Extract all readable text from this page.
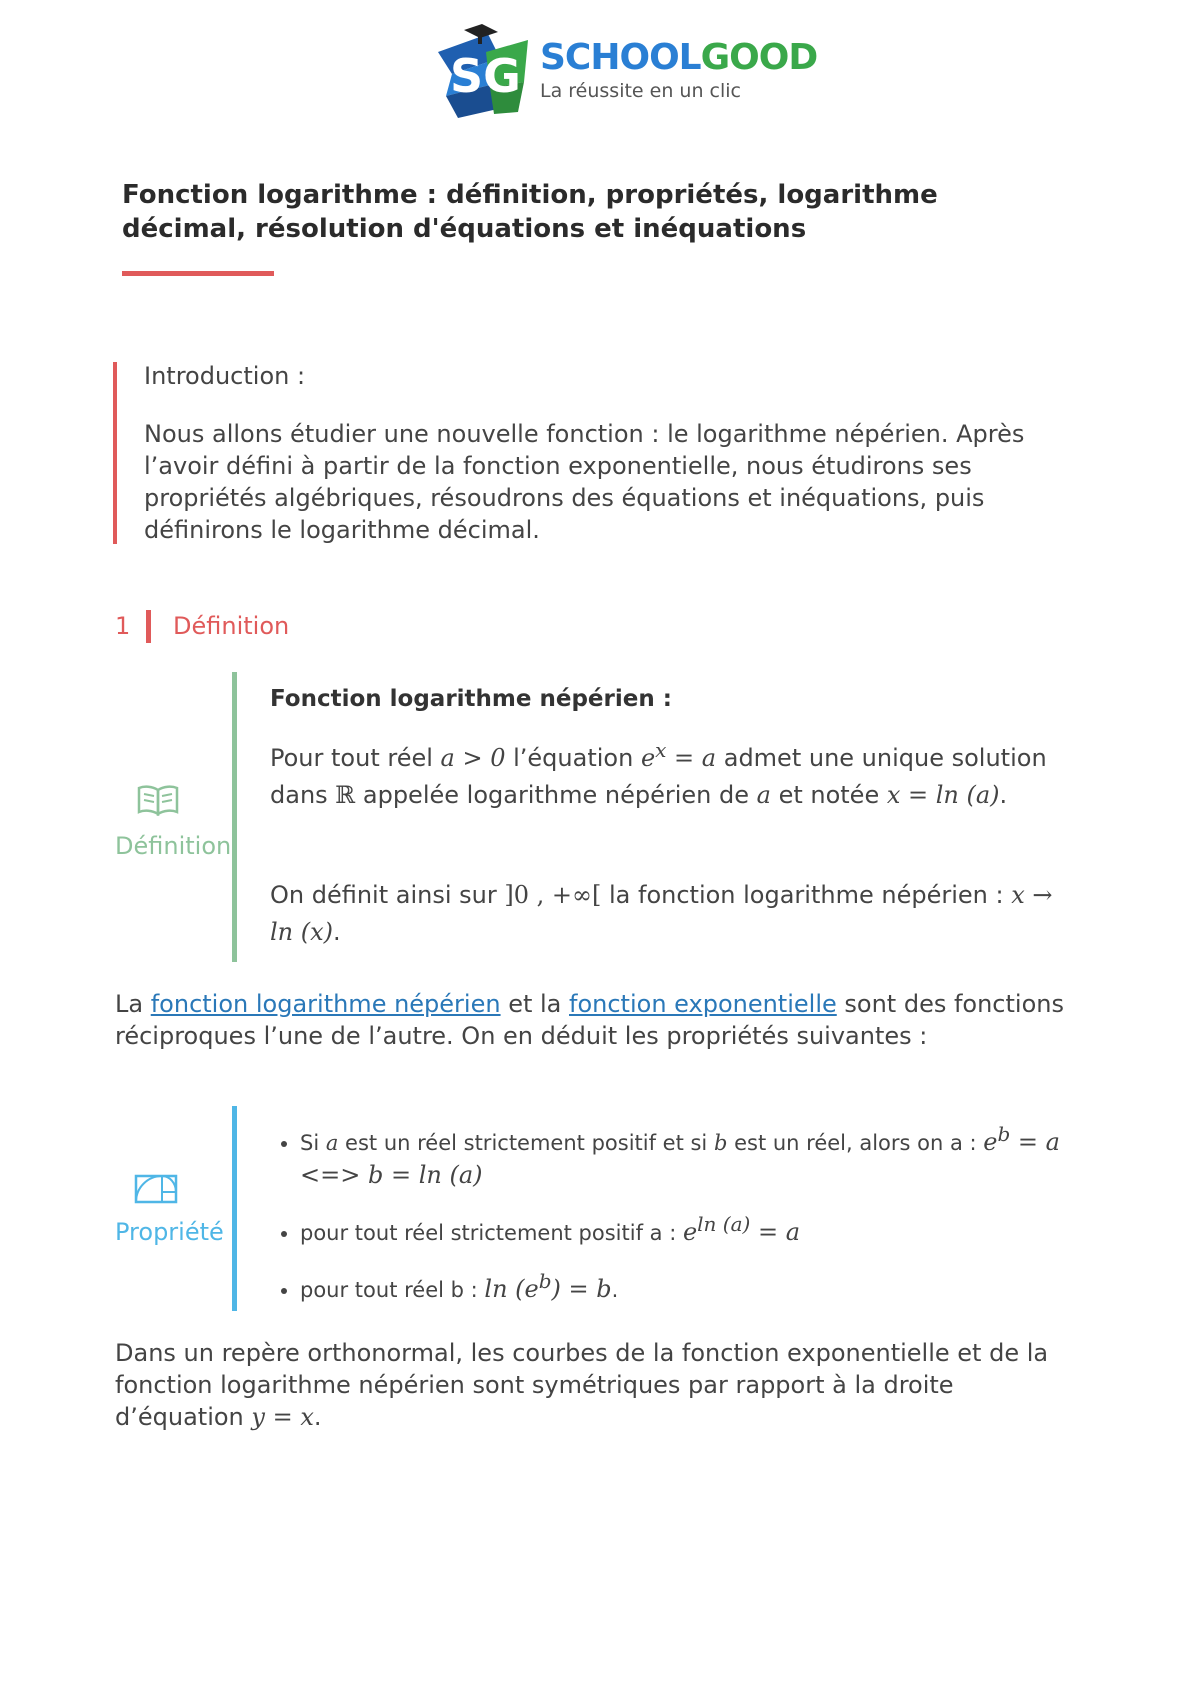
SG SCHOOLGOOD
La réussite en un clic
Fonction logarithme : définition, propriétés, logarithme décimal, résolution d'équations et inéquations
Introduction :

Nous allons étudier une nouvelle fonction : le logarithme népérien. Après l’avoir défini à partir de la fonction exponentielle, nous étudirons ses propriétés algébriques, résoudrons des équations et inéquations, puis définirons le logarithme décimal.

1 Définition
Définition
Fonction logarithme népérien :

Pour tout réel a > 0 l’équation $e^x = a$ admet une unique solution dans ℝ appelée logarithme népérien de a et notée x = ln (a).

On définit ainsi sur ]0 , +∞[ la fonction logarithme népérien : x → ln (x).

La fonction logarithme népérien et la fonction exponentielle sont des fonctions réciproques l’une de l’autre. On en déduit les propriétés suivantes :

Propriété
• Si a est un réel strictement positif et si b est un réel, alors on a : $e^b = a$ <=> b = ln (a)
• pour tout réel strictement positif a : $e^{ln (a)} = a$
• pour tout réel b : $\ln (e^b) = b$.

Dans un repère orthonormal, les courbes de la fonction exponentielle et de la fonction logarithme népérien sont symétriques par rapport à la droite d’équation y = x.
